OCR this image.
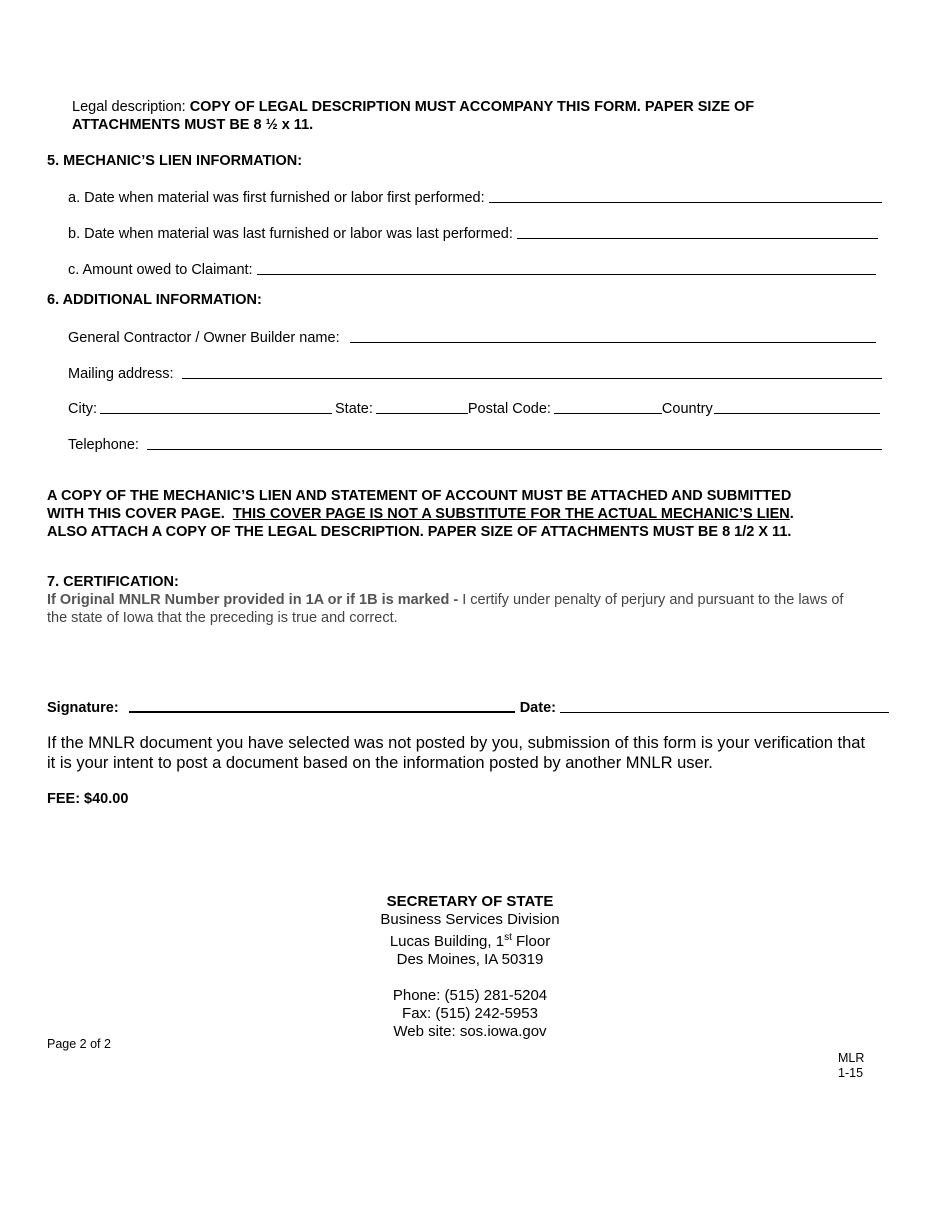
Legal description: COPY OF LEGAL DESCRIPTION MUST ACCOMPANY THIS FORM. PAPER SIZE OF
ATTACHMENTS MUST BE 8 ½ x 11.
5. MECHANIC’S LIEN INFORMATION:
a. Date when material was first furnished or labor first performed:
b. Date when material was last furnished or labor was last performed:
c. Amount owed to Claimant:
6. ADDITIONAL INFORMATION:
General Contractor / Owner Builder name:
Mailing address:
City:	State:	Postal Code:	Country
Telephone:
A COPY OF THE MECHANIC’S LIEN AND STATEMENT OF ACCOUNT MUST BE ATTACHED AND SUBMITTED
WITH THIS COVER PAGE.  THIS COVER PAGE IS NOT A SUBSTITUTE FOR THE ACTUAL MECHANIC’S LIEN.
ALSO ATTACH A COPY OF THE LEGAL DESCRIPTION. PAPER SIZE OF ATTACHMENTS MUST BE 8 1/2 X 11.
7. CERTIFICATION:
If Original MNLR Number provided in 1A or if 1B is marked - I certify under penalty of perjury and pursuant to the laws of
the state of Iowa that the preceding is true and correct.
Signature:	Date:
If the MNLR document you have selected was not posted by you, submission of this form is your verification that
it is your intent to post a document based on the information posted by another MNLR user.
FEE: $40.00
SECRETARY OF STATE
Business Services Division
Lucas Building, 1st Floor
Des Moines, IA 50319
Phone: (515) 281-5204
Fax: (515) 242-5953
Web site: sos.iowa.gov
Page 2 of 2
MLR
1-15
